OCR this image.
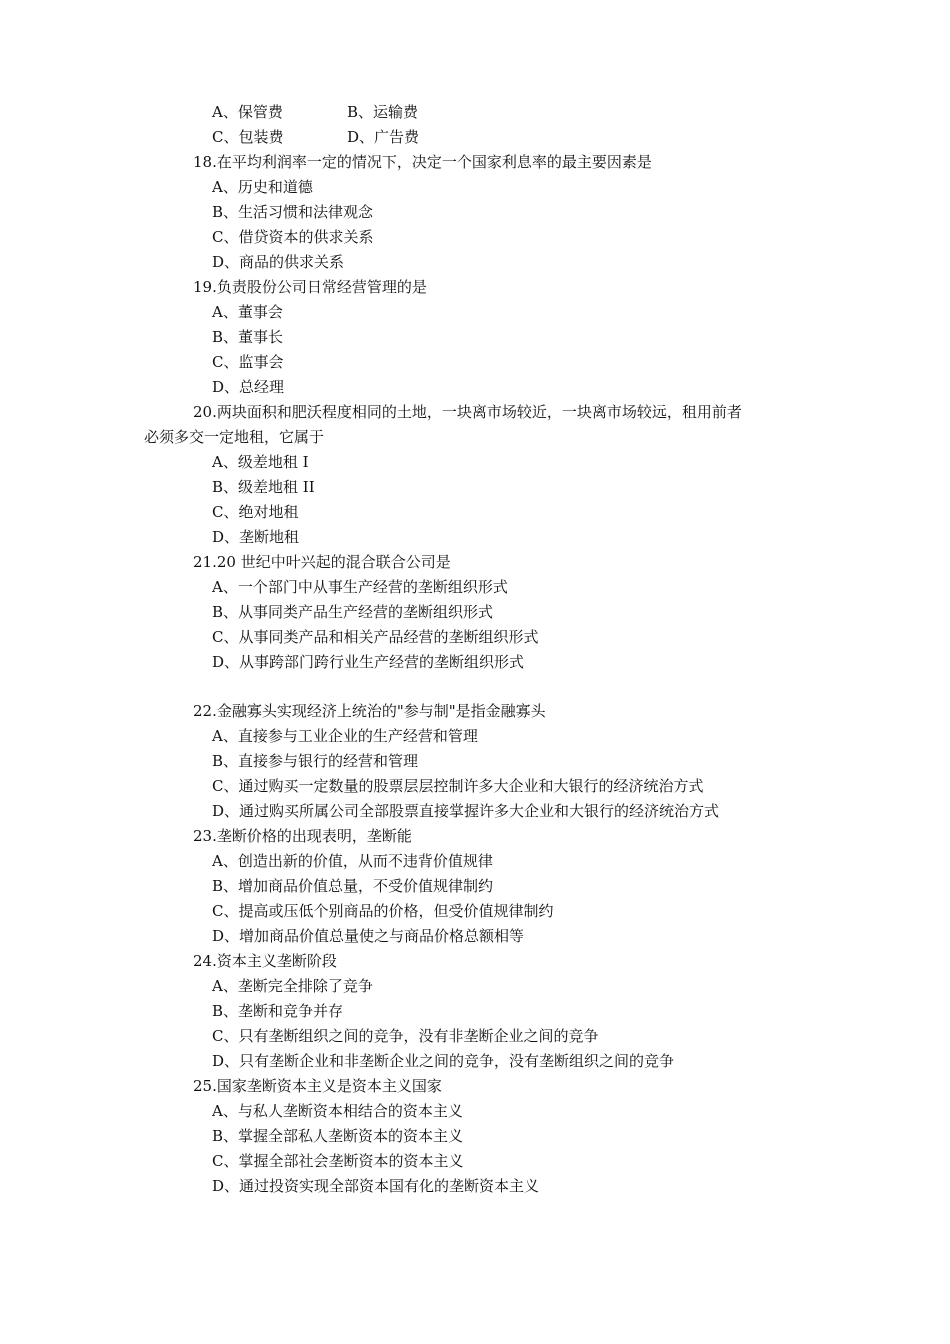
A、保管费	B、运输费
C、包装费	D、广告费
18.在平均利润率一定的情况下，决定一个国家利息率的最主要因素是
A、历史和道德
B、生活习惯和法律观念
C、借贷资本的供求关系
D、商品的供求关系
19.负责股份公司日常经营管理的是
A、董事会
B、董事长
C、监事会
D、总经理
20.两块面积和肥沃程度相同的土地，一块离市场较近，一块离市场较远，租用前者
必须多交一定地租，它属于
A、级差地租 I
B、级差地租 II
C、绝对地租
D、垄断地租
21.20 世纪中叶兴起的混合联合公司是
A、一个部门中从事生产经营的垄断组织形式
B、从事同类产品生产经营的垄断组织形式
C、从事同类产品和相关产品经营的垄断组织形式
D、从事跨部门跨行业生产经营的垄断组织形式
22.金融寡头实现经济上统治的"参与制"是指金融寡头
A、直接参与工业企业的生产经营和管理
B、直接参与银行的经营和管理
C、通过购买一定数量的股票层层控制许多大企业和大银行的经济统治方式
D、通过购买所属公司全部股票直接掌握许多大企业和大银行的经济统治方式
23.垄断价格的出现表明，垄断能
A、创造出新的价值，从而不违背价值规律
B、增加商品价值总量，不受价值规律制约
C、提高或压低个别商品的价格，但受价值规律制约
D、增加商品价值总量使之与商品价格总额相等
24.资本主义垄断阶段
A、垄断完全排除了竞争
B、垄断和竞争并存
C、只有垄断组织之间的竞争，没有非垄断企业之间的竞争
D、只有垄断企业和非垄断企业之间的竞争，没有垄断组织之间的竞争
25.国家垄断资本主义是资本主义国家
A、与私人垄断资本相结合的资本主义
B、掌握全部私人垄断资本的资本主义
C、掌握全部社会垄断资本的资本主义
D、通过投资实现全部资本国有化的垄断资本主义
